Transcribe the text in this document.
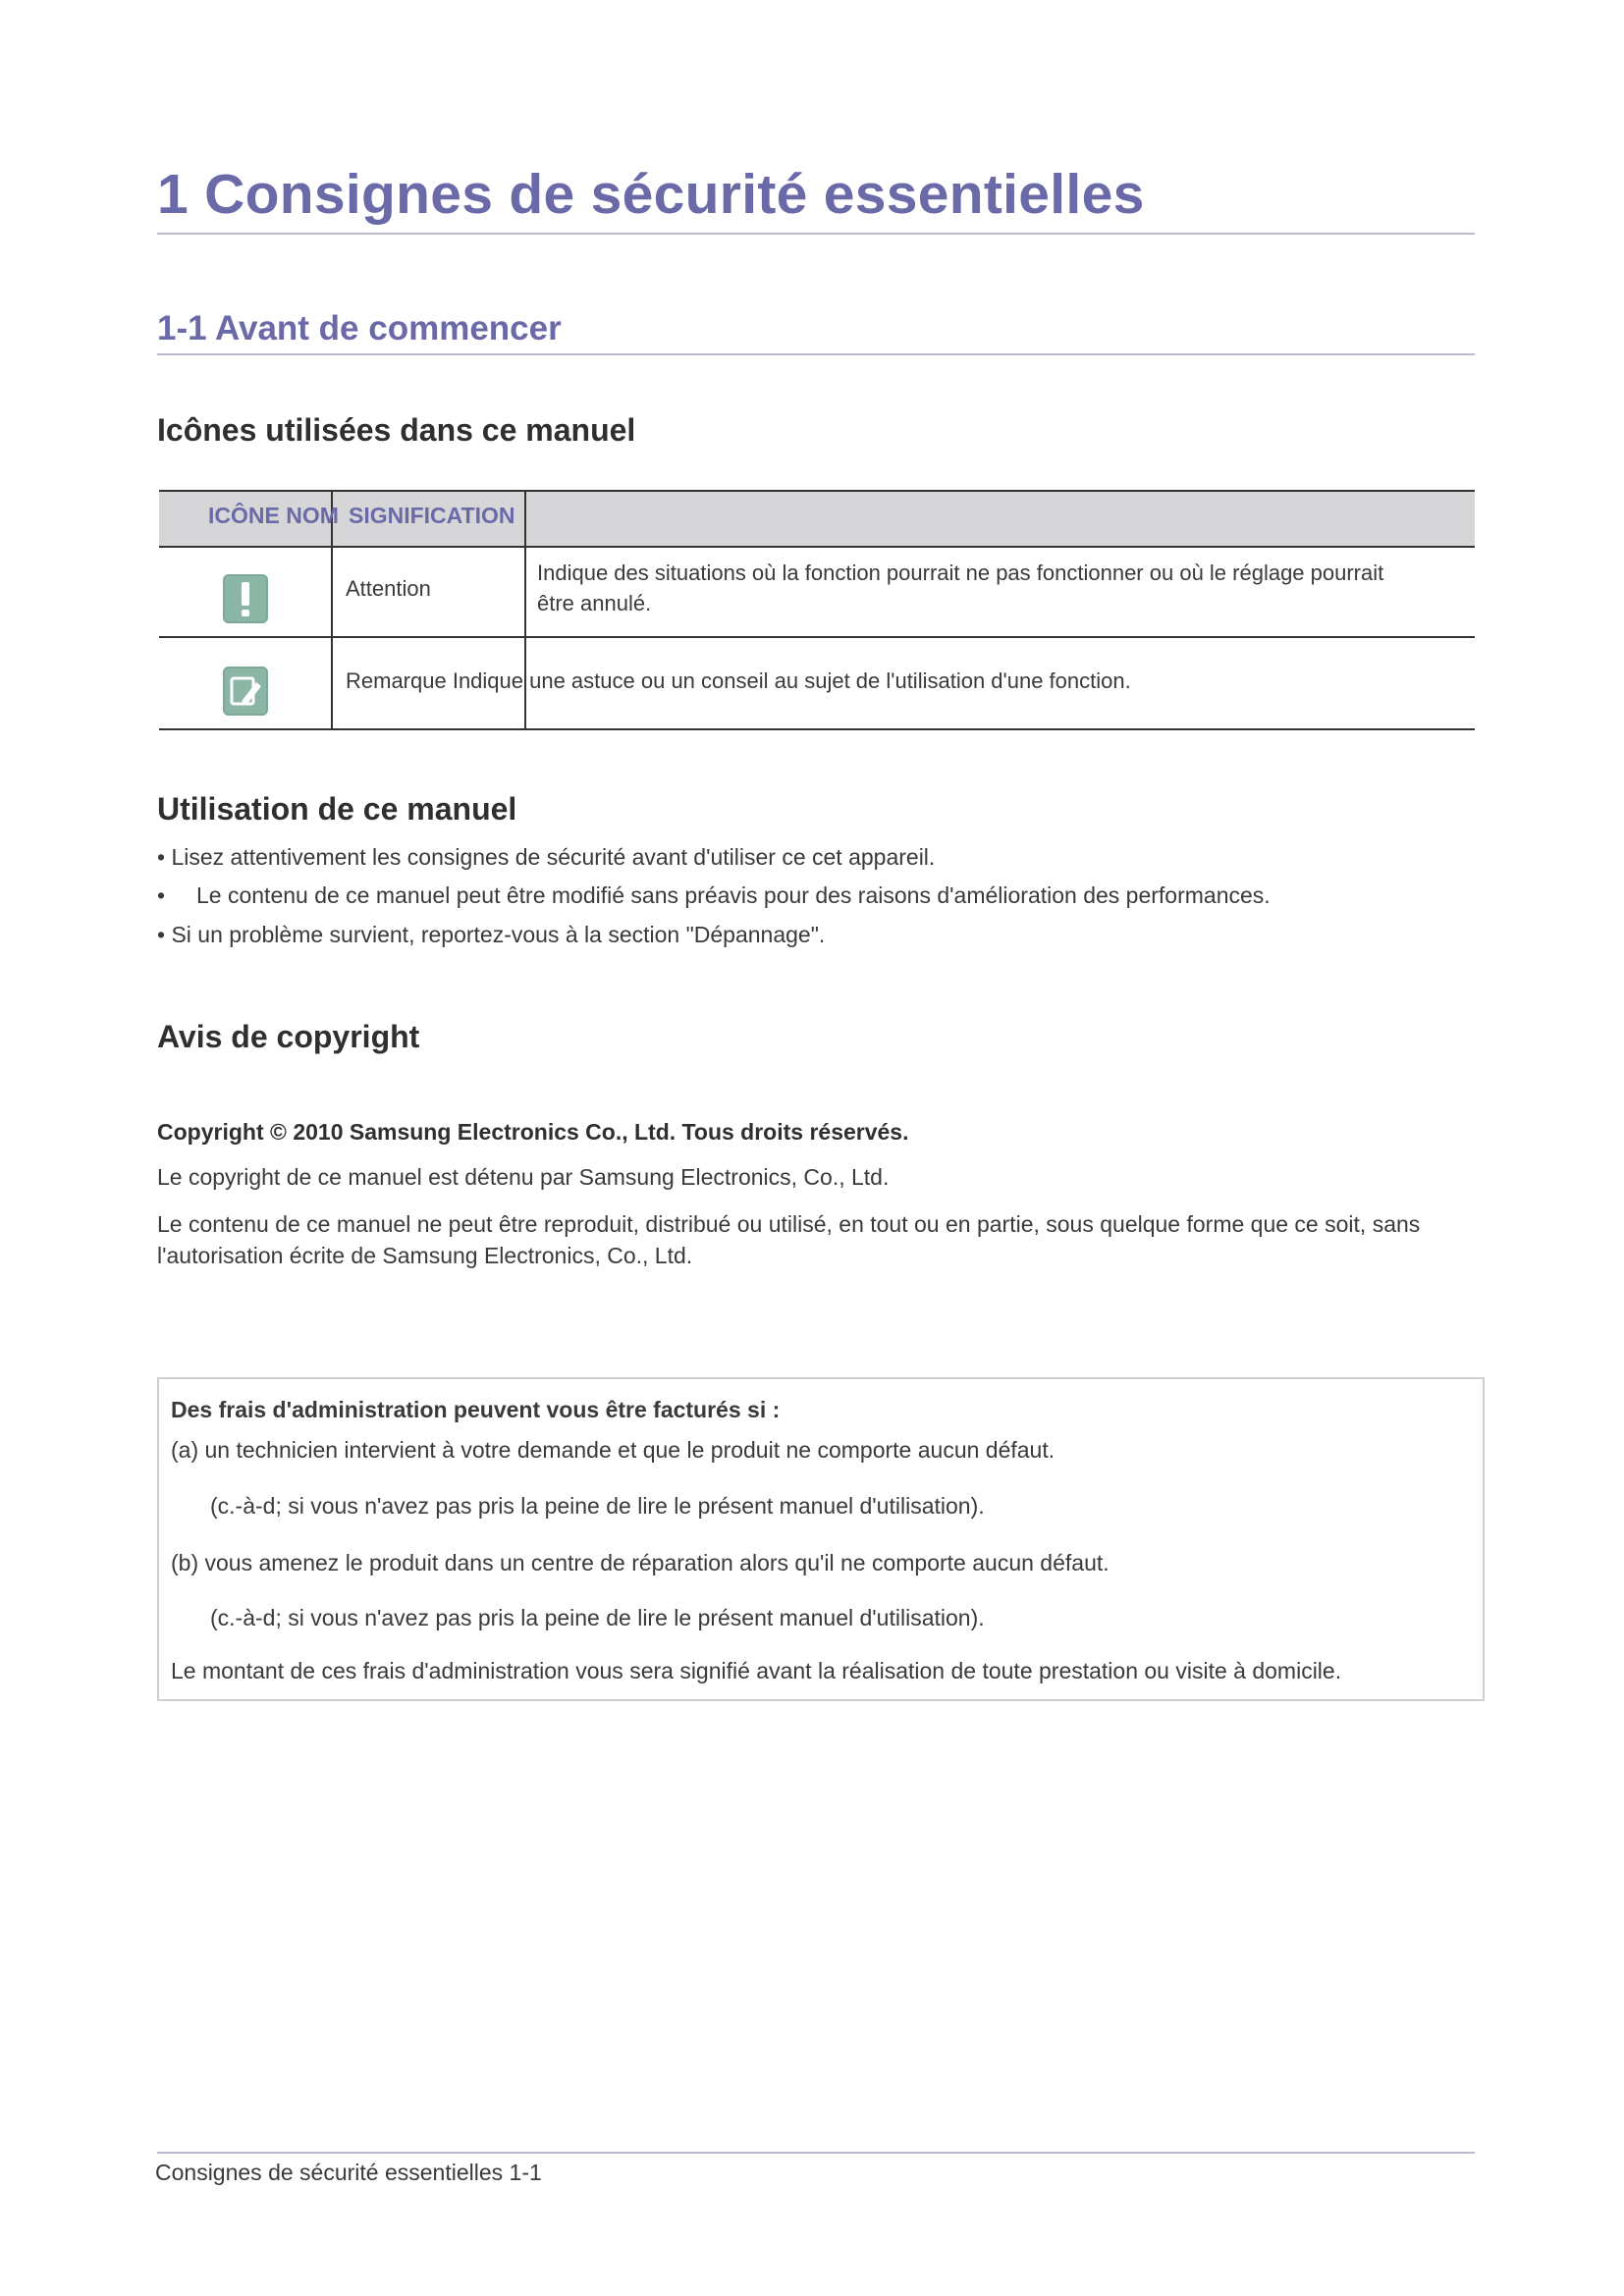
1 Consignes de sécurité essentielles
1-1 Avant de commencer
Icônes utilisées dans ce manuel
ICÔNE NOM SIGNIFICATION
Attention
Indique des situations où la fonction pourrait ne pas fonctionner ou où le réglage pourrait
être annulé.
Remarque Indique une astuce ou un conseil au sujet de l'utilisation d'une fonction.
Utilisation de ce manuel
• Lisez attentivement les consignes de sécurité avant d'utiliser ce cet appareil.
•     Le contenu de ce manuel peut être modifié sans préavis pour des raisons d'amélioration des performances.
• Si un problème survient, reportez-vous à la section "Dépannage".
Avis de copyright
Copyright © 2010 Samsung Electronics Co., Ltd. Tous droits réservés.
Le copyright de ce manuel est détenu par Samsung Electronics, Co., Ltd.
Le contenu de ce manuel ne peut être reproduit, distribué ou utilisé, en tout ou en partie, sous quelque forme que ce soit, sans
l'autorisation écrite de Samsung Electronics, Co., Ltd.
Des frais d'administration peuvent vous être facturés si :
(a) un technicien intervient à votre demande et que le produit ne comporte aucun défaut.
(c.-à-d; si vous n'avez pas pris la peine de lire le présent manuel d'utilisation).
(b) vous amenez le produit dans un centre de réparation alors qu'il ne comporte aucun défaut.
(c.-à-d; si vous n'avez pas pris la peine de lire le présent manuel d'utilisation).
Le montant de ces frais d'administration vous sera signifié avant la réalisation de toute prestation ou visite à domicile.
Consignes de sécurité essentielles 1-1
